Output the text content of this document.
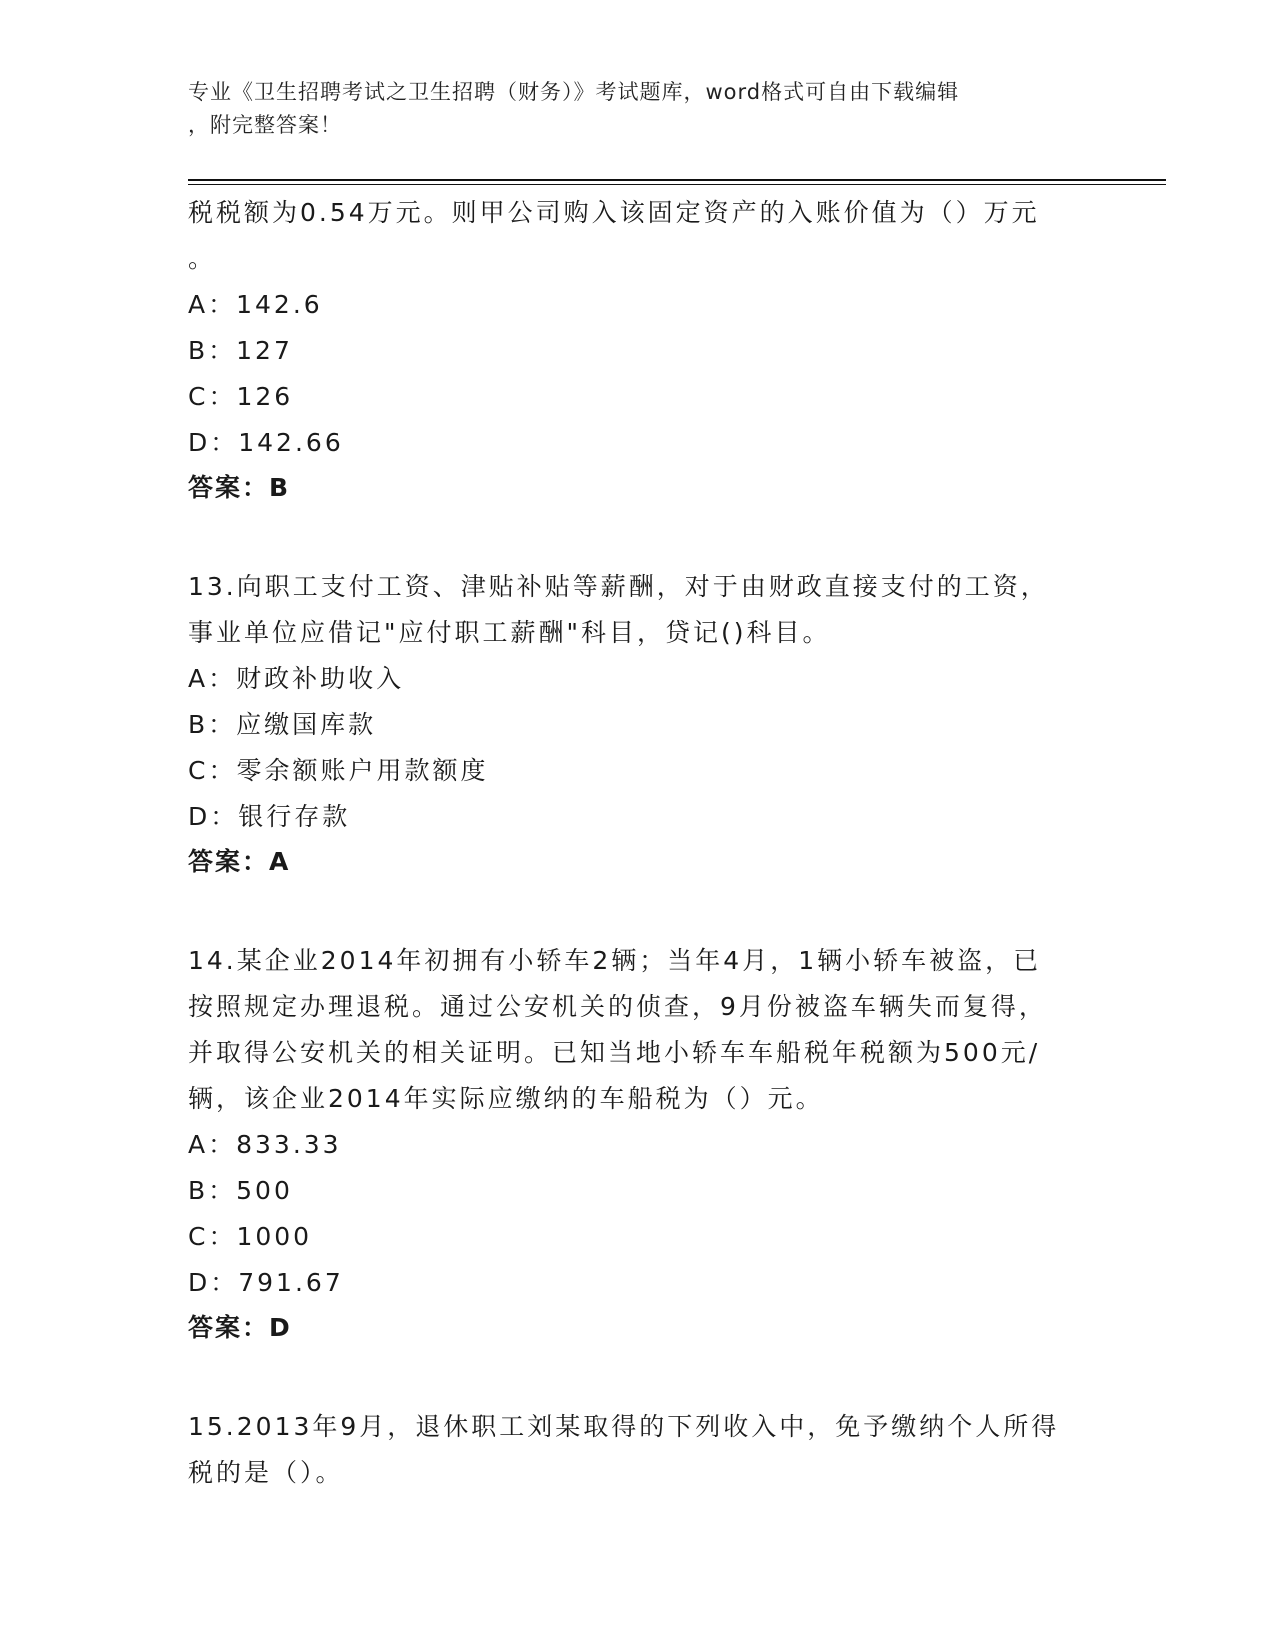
专业《卫生招聘考试之卫生招聘（财务）》考试题库，word格式可自由下载编辑
，附完整答案！
税税额为0.54万元。则甲公司购入该固定资产的入账价值为（）万元
。
A：142.6
B：127
C：126
D：142.66
答案：B
13.向职工支付工资、津贴补贴等薪酬，对于由财政直接支付的工资，
事业单位应借记"应付职工薪酬"科目，贷记()科目。
A：财政补助收入
B：应缴国库款
C：零余额账户用款额度
D：银行存款
答案：A
14.某企业2014年初拥有小轿车2辆；当年4月，1辆小轿车被盗，已
按照规定办理退税。通过公安机关的侦查，9月份被盗车辆失而复得，
并取得公安机关的相关证明。已知当地小轿车车船税年税额为500元/
辆，该企业2014年实际应缴纳的车船税为（）元。
A：833.33
B：500
C：1000
D：791.67
答案：D
15.2013年9月，退休职工刘某取得的下列收入中，免予缴纳个人所得
税的是（）。
